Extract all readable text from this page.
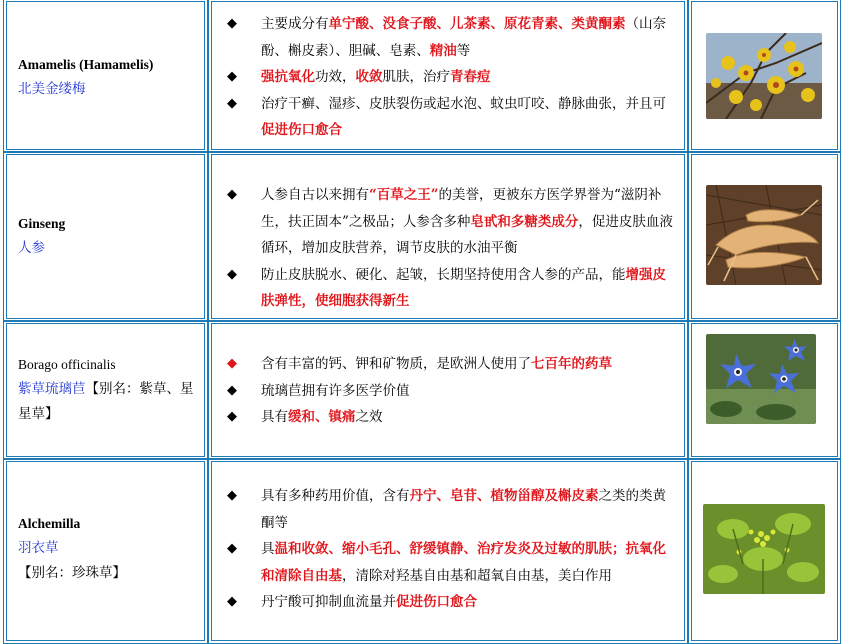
Amamelis (Hamamelis)
北美金缕梅
◆ 主要成分有单宁酸、没食子酸、儿茶素、原花青素、类黄酮素（山奈酚、槲皮素）、胆碱、皂素、精油等
◆ 强抗氧化功效，收敛肌肤，治疗青春痘
◆ 治疗干癣、湿疹、皮肤裂伤或起水泡、蚊虫叮咬、静脉曲张，并且可促进伤口愈合
Ginseng
人参
◆ 人参自古以来拥有“百草之王”的美誉，更被东方医学界誉为“滋阴补生，扶正固本”之极品；人参含多种皂甙和多糖类成分，促进皮肤血液循环，增加皮肤营养，调节皮肤的水油平衡
◆ 防止皮肤脱水、硬化、起皱，长期坚持使用含人参的产品，能增强皮肤弹性，使细胞获得新生
Borago officinalis
紫草琉璃苣【别名：紫草、星星草】
◆ 含有丰富的钙、钾和矿物质，是欧洲人使用了七百年的药草
◆ 琉璃苣拥有许多医学价值
◆ 具有缓和、镇痛之效
Alchemilla
羽衣草
【别名：珍珠草】
◆ 具有多种药用价值，含有丹宁、皂苷、植物甾醇及槲皮素之类的类黄酮等
◆ 具温和收敛、缩小毛孔、舒缓镇静、治疗发炎及过敏的肌肤；抗氧化和清除自由基，清除对羟基自由基和超氧自由基，美白作用
◆ 丹宁酸可抑制血流量并促进伤口愈合
